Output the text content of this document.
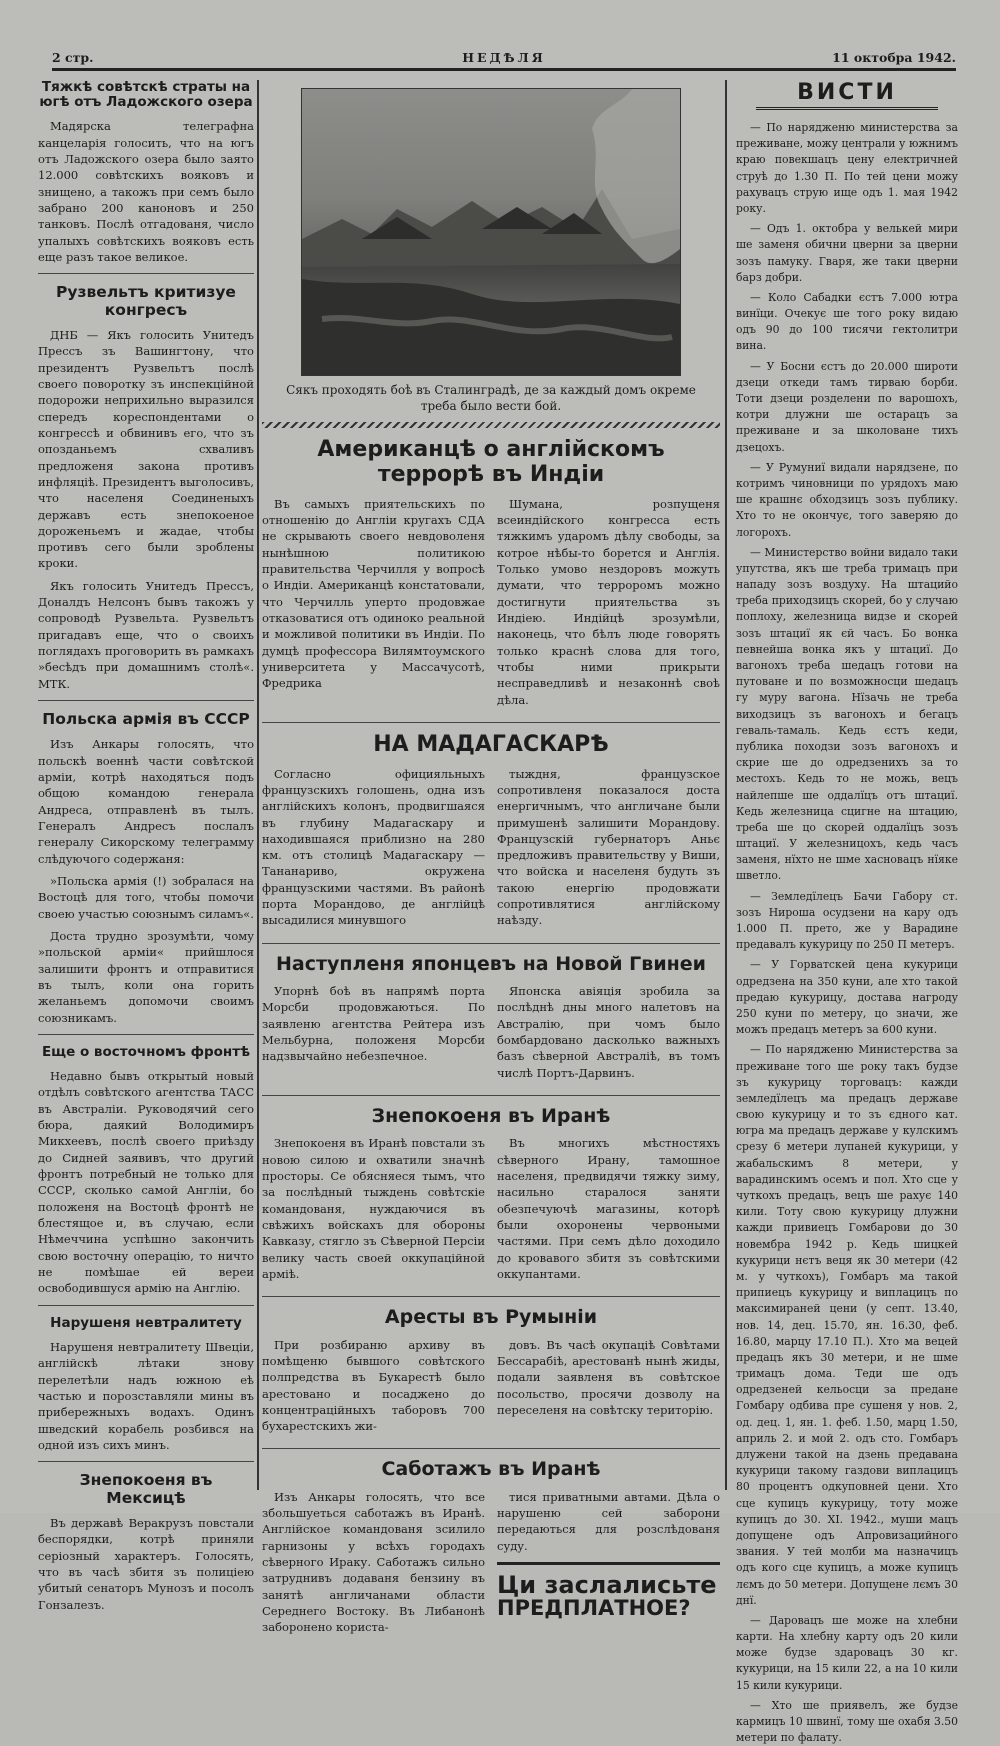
2 стр.	НЕДѢЛЯ	11 октобра 1942.
Тяжкѣ совѣтскѣ страты на югѣ отъ Ладожского озера

Мадярска телеграфна канцеларія голосить, что на югъ отъ Ладожского озера было заято 12.000 совѣтскихъ вояковъ и знищено, а такожъ при семъ было забрано 200 каноновъ и 250 танковъ. Послѣ отгадованя, число упалыхъ совѣтскихъ вояковъ есть еще разъ такое великое.

Рузвельтъ критизуе конгресъ

ДНБ — Якъ голосить Унитедъ Прессъ зъ Вашингтону, что президентъ Рузвельтъ послѣ своего поворотку зъ инспекційной подорожи неприхильно выразился спередъ кореспондентами о конгрессѣ и обвинивъ его, что зъ опозданьемъ схваливъ предложеня закона противъ инфляціѣ. Президентъ выголосивъ, что населеня Соединеныхъ державъ есть знепокоеное дороженьемъ и жадае, чтобы противъ сего были зроблены кроки.

Якъ голосить Унитедъ Прессъ, Доналдъ Нелсонъ бывъ такожъ у сопроводѣ Рузвельта. Рузвельтъ пригадавъ еще, что о своихъ поглядахъ проговорить въ рамкахъ »бесѣдъ при домашнимъ столѣ«. МТК.

Польска армія въ СССР

Изъ Анкары голосять, что польскѣ военнѣ части совѣтской арміи, котрѣ находяться подъ общою командою генерала Андреса, отправленѣ въ тылъ. Генералъ Андресъ послалъ генералу Сикорскому телеграмму слѣдуючого содержаня:

»Польска армія (!) зобралася на Востоцѣ для того, чтобы помочи своею участью союзнымъ силамъ«.

Доста трудно зрозумѣти, чому »польской арміи« прийшлося залишити фронтъ и отправитися въ тылъ, коли она горить желаньемъ допомочи своимъ союзникамъ.

Еще о восточномъ фронтѣ

Недавно бывъ открытый новый отдѣлъ совѣтского агентства ТАСС въ Австраліи. Руководячий сего бюра, даякий Володимиръ Микхеевъ, послѣ своего приѣзду до Сидней заявивъ, что другий фронтъ потребный не только для СССР, сколько самой Англіи, бо положеня на Востоцѣ фронтѣ не блестящое и, въ случаю, если Нѣмеччина успѣшно закончить свою восточну операцію, то ничто не помѣшае ей вереи освободившуся армію на Англію.

Нарушеня невтралитету

Нарушеня невтралитету Швеціи, англійскѣ лѣтаки знову перелетѣли надъ южною еѣ частью и порозставляли мины въ прибережныхъ водахъ. Одинъ шведский корабель розбився на одной изъ сихъ минъ.

Знепокоеня въ Мексицѣ

Въ державѣ Веракрузъ повстали беспорядки, котрѣ приняли серіозный характеръ. Голосять, что въ часѣ збитя зъ полиціею убитый сенаторъ Мунозъ и посолъ Гонзалезъ.

Сякъ проходять боѣ въ Сталинградѣ, де за каждый домъ окреме треба было вести бой.
Американцѣ о англійскомъ террорѣ въ Индіи

Въ самыхъ приятельскихъ по отношенію до Англіи кругахъ СДА не скрывають своего невдоволеня нынѣшною политикою правительства Черчилля у вопросѣ о Индіи. Американцѣ констатовали, что Черчилль уперто продовжае отказоватися отъ одиноко реальной и можливой политики въ Индіи. По думцѣ професcора Вилямтоумского университета у Массачусотѣ, Фредрика

Шумана, розпущеня всеиндійского конгресса есть тяжкимъ ударомъ дѣлу свободы, за котрое нѣбы-то борется и Англія. Только умово нездоровъ можуть думати, что терроромъ можно достигнути приятельства зъ Индіею. Индійцѣ зрозумѣли, наконець, что бѣлъ люде говорять только краснѣ слова для того, чтобы ними прикрыти несправедливѣ и незаконнѣ своѣ дѣла.

НА МАДАГАСКАРѢ

Согласно официяльныхъ французскихъ голошень, одна изъ англійскихъ колонъ, продвигшаяся въ глубину Мадагаскару и находившаяся приблизно на 280 км. отъ столицѣ Мадагаскару — Тананариво, окружена французскими частями. Въ районѣ порта Морандово, де англійцѣ высадилися минувшого

тыждня, французское сопротивленя показалося доста енергичнымъ, что англичане были примушенѣ залишити Морандову. Французскій губернаторъ Аньє предложивъ правительству у Виши, что войска и населеня будуть зъ такою енергію продовжати сопротивлятися англійскому наѣзду.

Наступленя японцевъ на Новой Гвинеи

Упорнѣ боѣ въ напрямѣ порта Морсби продовжаються. По заявленю агентства Рейтера изъ Мельбурна, положеня Морсби надзвычайно небезпечное.

Японска авіяція зробила за послѣднѣ дны много налетовъ на Австралію, при чомъ было бомбардовано дасколько важныхъ базъ сѣверной Австраліѣ, въ томъ числѣ Портъ-Дарвинъ.

Знепокоеня въ Иранѣ

Знепокоеня въ Иранѣ повстали зъ новою силою и охватили значнѣ просторы. Се обясняеся тымъ, что за послѣдный тыждень совѣтскіе командованя, нуждаючися въ свѣжихъ войскахъ для обороны Кавказу, стягло зъ Сѣверной Персіи велику часть своей оккупаційной арміѣ.

Въ многихъ мѣстностяхъ сѣверного Ирану, тамошное населеня, предвидячи тяжку зиму, насильно старалося заняти обезпечуючѣ магазины, которѣ были охоронены червоными частями. При семъ дѣло доходило до кровавого збитя зъ совѣтскими оккупантами.

Аресты въ Румыніи

При розбираню архиву въ помѣщеню бывшого совѣтского полпредства въ Букарестѣ было арестовано и посаджено до концентраційныхъ таборовъ 700 бухарестскихъ жи-

довъ. Въ часѣ окупаціѣ Совѣтами Бессарабіѣ, арестованѣ нынѣ жиды, подали заявленя въ совѣтское посольство, просячи дозволу на переселеня на совѣтску територію.

Саботажъ въ Иранѣ

Изъ Анкары голосять, что все збольшуеться саботажъ въ Иранѣ. Англійское командованя зсилило гарнизоны у всѣхъ городахъ сѣверного Ираку. Саботажъ сильно затруднивъ додаваня бензину въ занятѣ англичанами области Середнего Востоку. Въ Либанонѣ заборонено користа-

тися приватными автами. Дѣла о нарушеню сей заборони передаються для розслѣдованя суду.

Ци заслалисьте
ПРЕДПЛАТНОЕ?
ВИСТИ

— По нарядженю министерства за преживане, можу централи у южнимъ краю повекшацъ цену електричней струѣ до 1.30 П. По тей цени можу рахувацъ струю ище одъ 1. мая 1942 року.

— Одъ 1. октобра у велькей мири ше заменя обични цверни за цверни зозъ памуку. Гваря, же таки цверни барз добри.

— Коло Сабадки єстъ 7.000 ютра винїци. Очекує ше того року видаю одъ 90 до 100 тисячи гектолитри вина.

— У Босни єстъ до 20.000 широти дзеци откеди тамъ тирваю борби. Тоти дзеци розделени по варошохъ, котри длужни ше остарацъ за преживане и за школоване тихъ дзецохъ.

— У Румуниї видали нарядзене, по котримъ чиновници по урядохъ маю ше крашнє обходзицъ зозъ публику. Хто то не окончує, того заверяю до логорохъ.

— Министерство войни видало таки упутства, якъ ше треба тримацъ при нападу зозъ воздуху. На штацийо треба приходзицъ скорей, бо у случаю поплоху, железница видзе и скорей зозъ штациї як єй часъ. Бо вонка певнейша вонка якъ у штациї. До вагонохъ треба шедацъ готови на путоване и по возможносци шедацъ гу муру вагона. Нїзачь не треба виходзицъ зъ вагонохъ и бегацъ геваль-тамаль. Кедь єстъ кеди, публика походзи зозъ вагонохъ и скрие ше до одредзенихъ за то местохъ. Кедь то не можь, вецъ найлепше ше оддалїцъ отъ штациї. Кедь железница сцигне на штацию, треба ше цо скорей оддалїцъ зозъ штациї. У железницохъ, кедь часъ заменя, нїхто не шме хасновацъ нїяке шветло.

— Земледїлецъ Бачи Габору ст. зозъ Нироша осудзени на кару одъ 1.000 П. прето, же у Варадине предавалъ кукурицу по 250 П метеръ.

— У Горватскей цена кукурици одредзена на 350 куни, але хто такой предаю кукурицу, достава нагроду 250 куни по метеру, цо значи, же можъ предацъ метеръ за 600 куни.

— По нарядженю Министерства за преживане того ше року такъ будзе зъ кукурицу торговацъ: кажди земледїлецъ ма предацъ державе свою кукурицу и то зъ єдного кат. югра ма предацъ державе у кулскимъ срезу 6 метери лупаней кукурици, у жабальскимъ 8 метери, у варадинскимъ осемъ и пол. Хто сце у чуткохъ предацъ, вецъ ше рахує 140 кили. Тоту свою кукурицу длужни кажди привиецъ Гомбарови до 30 новембра 1942 р. Кедь шицкей кукурици нєтъ веця як 30 метери (42 м. у чуткохъ), Гомбаръ ма такой припиецъ кукурицу и виплацицъ по максимираней цени (у септ. 13.40, нов. 14, дец. 15.70, ян. 16.30, феб. 16.80, марцу 17.10 П.). Хто ма вецей предацъ якъ 30 метери, и не шме тримацъ дома. Теди ше одъ одредзеней кельосци за предане Гомбару одбива пре сушеня у нов. 2, од. дец. 1, ян. 1. феб. 1.50, марц 1.50, априль 2. и мой 2. одъ сто. Гомбаръ длужени такой на дзень предавана кукурици такому газдови виплацицъ 80 процентъ одкуповней цени. Хто сце купицъ кукурицу, тоту може купицъ до 30. XI. 1942., муши мацъ допущене одъ Апровизацийного звания. У тей мoлби ма назначицъ одъ кого сце купицъ, а може купицъ лємъ до 50 метери. Допущене лємъ 30 днї.

— Даровацъ ше може на хлебни карти. На хлебну карту одъ 20 кили може будзе здаровацъ 30 кг. кукурици, на 15 кили 22, а на 10 кили 15 кили кукурици.

— Хто ше приявелъ, же будзе кармицъ 10 швинї, тому ше охабя 3.50 метери по фалату.
